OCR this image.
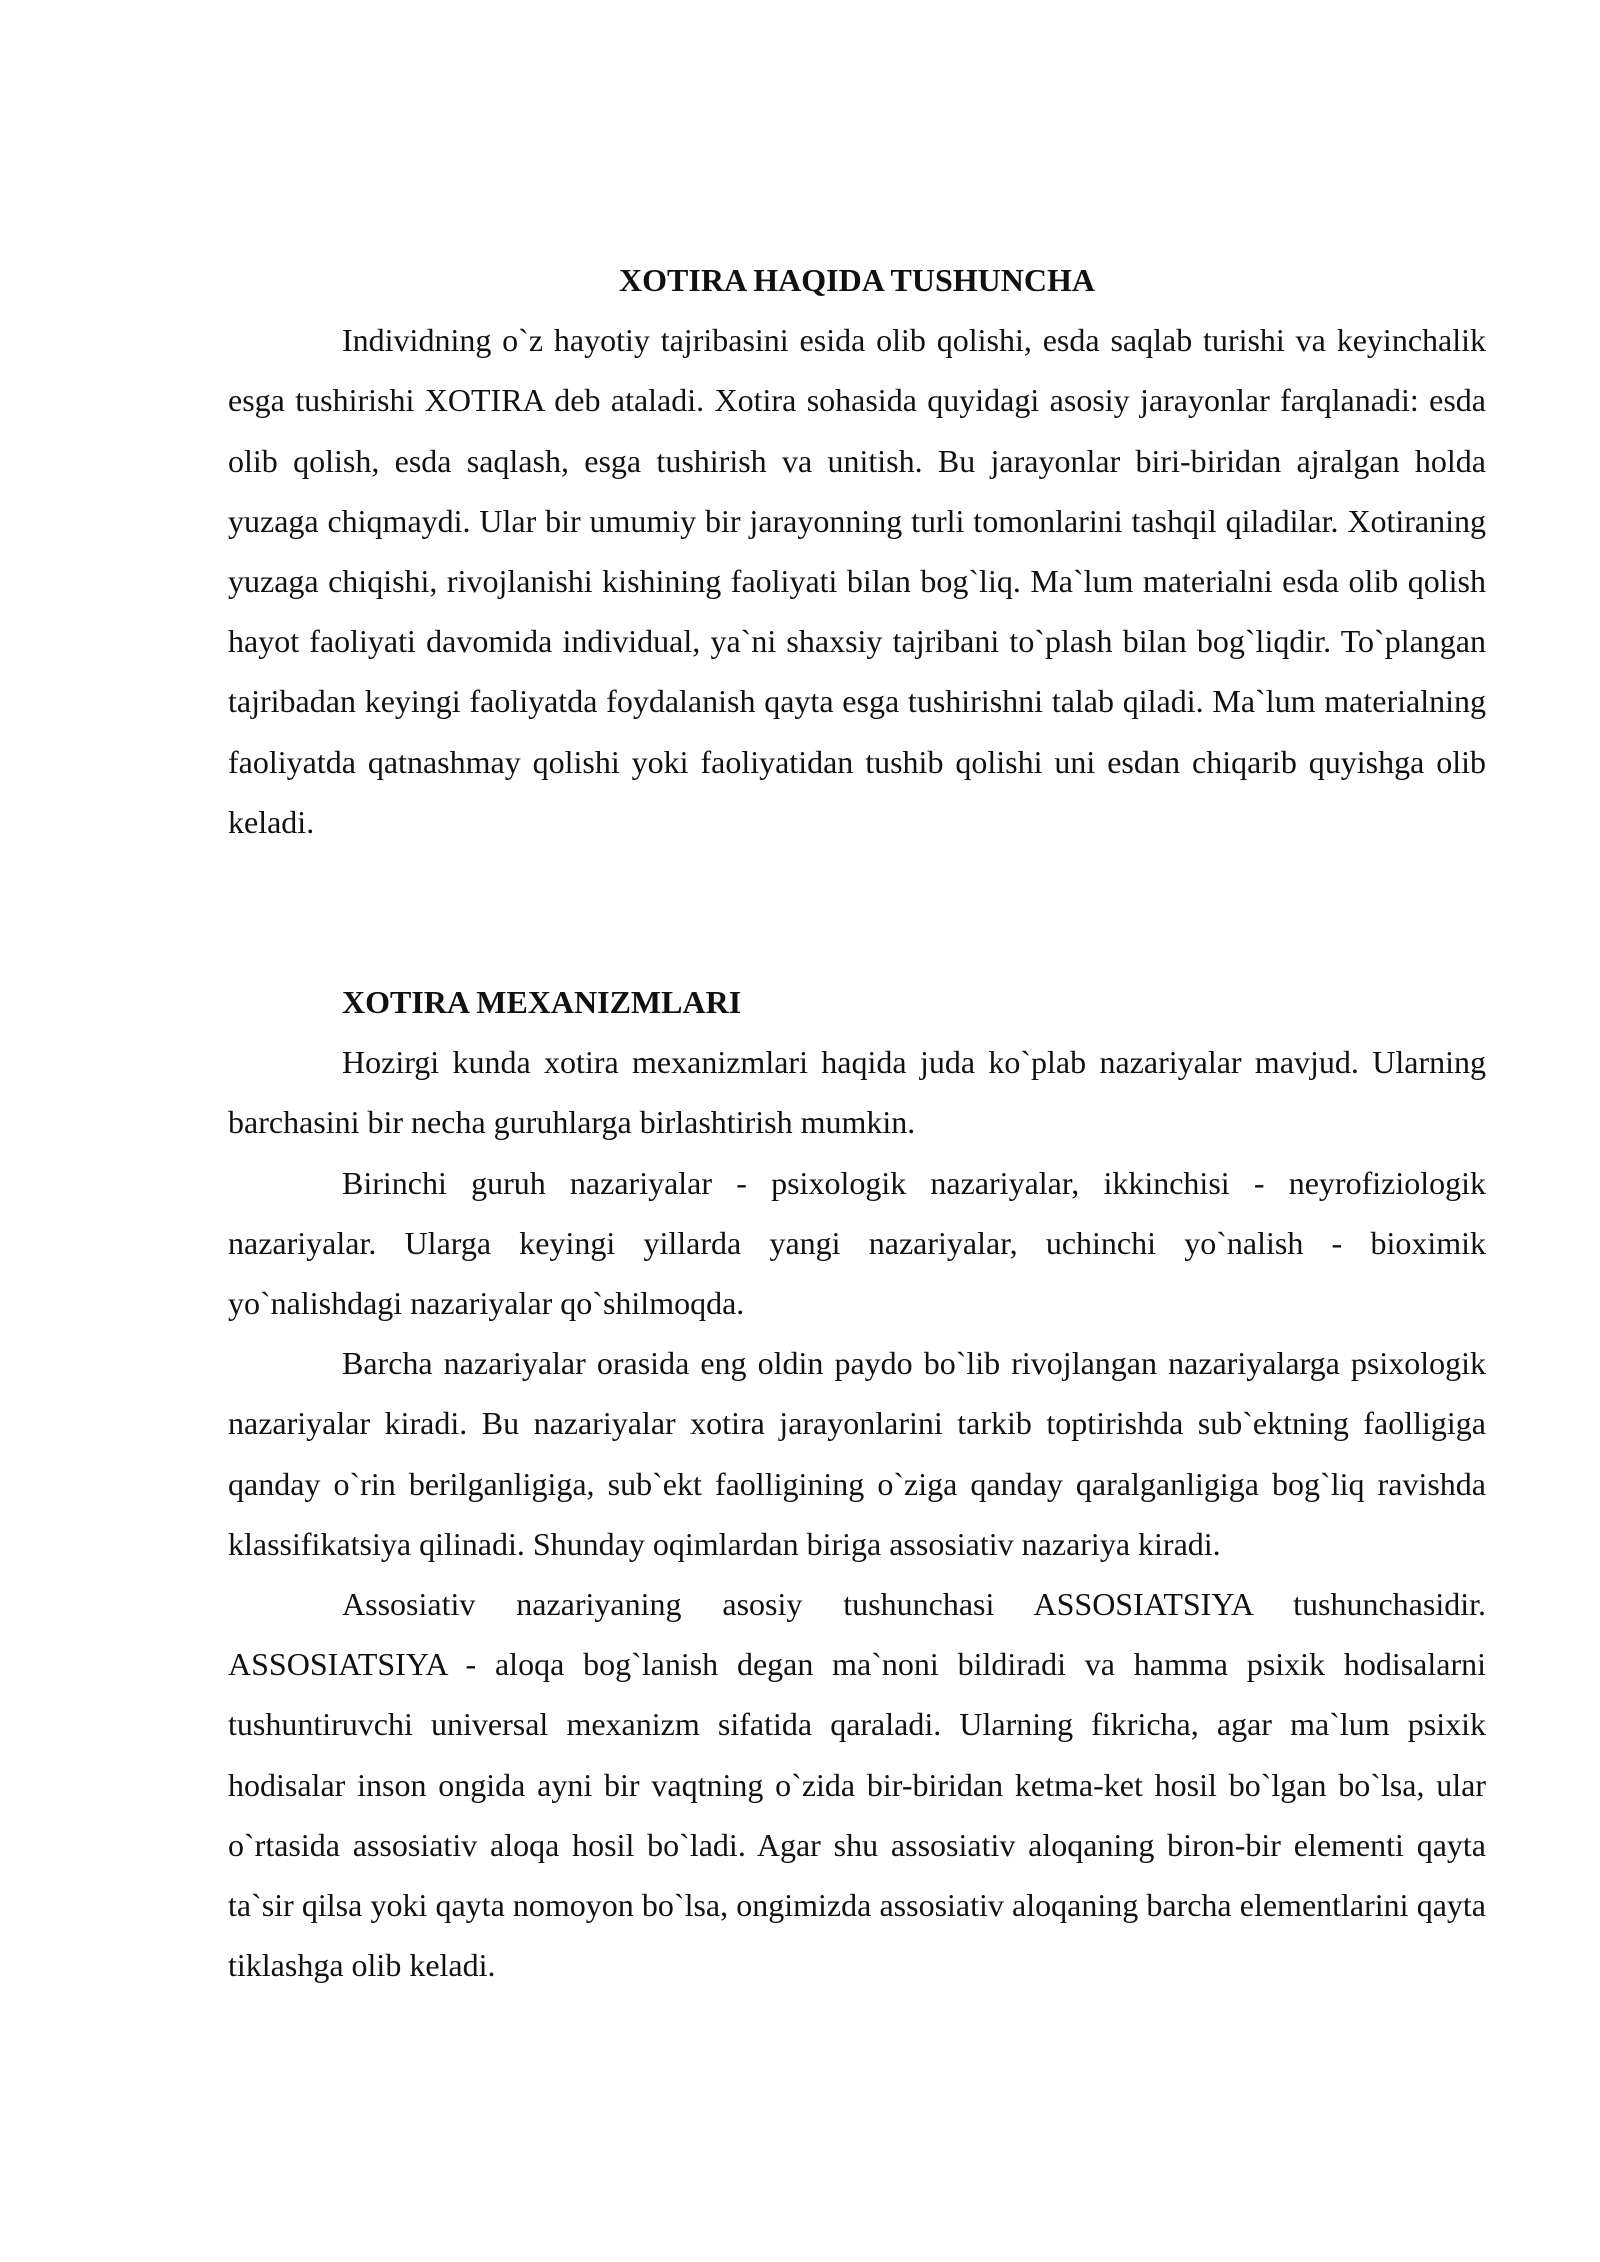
XOTIRA HAQIDA TUSHUNCHA

Individning o`z hayotiy tajribasini esida olib qolishi, esda saqlab turishi va keyinchalik esga tushirishi XOTIRA deb ataladi. Xotira sohasida quyidagi asosiy jarayonlar farqlanadi: esda olib qolish, esda saqlash, esga tushirish va unitish. Bu jarayonlar biri-biridan ajralgan holda yuzaga chiqmaydi. Ular bir umumiy bir jarayonning turli tomonlarini tashqil qiladilar. Xotiraning yuzaga chiqishi, rivojlanishi kishining faoliyati bilan bog`liq. Ma`lum materialni esda olib qolish hayot faoliyati davomida individual, ya`ni shaxsiy tajribani to`plash bilan bog`liqdir. To`plangan tajribadan keyingi faoliyatda foydalanish qayta esga tushirishni talab qiladi. Ma`lum materialning faoliyatda qatnashmay qolishi yoki faoliyatidan tushib qolishi uni esdan chiqarib quyishga olib keladi.

XOTIRA MEXANIZMLARI

Hozirgi kunda xotira mexanizmlari haqida juda ko`plab nazariyalar mavjud. Ularning barchasini bir necha guruhlarga birlashtirish mumkin.

Birinchi guruh nazariyalar - psixologik nazariyalar, ikkinchisi - neyrofiziologik nazariyalar. Ularga keyingi yillarda yangi nazariyalar, uchinchi yo`nalish - bioximik yo`nalishdagi nazariyalar qo`shilmoqda.

Barcha nazariyalar orasida eng oldin paydo bo`lib rivojlangan nazariyalarga psixologik nazariyalar kiradi. Bu nazariyalar xotira jarayonlarini tarkib toptirishda sub`ektning faolligiga qanday o`rin berilganligiga, sub`ekt faolligining o`ziga qanday qaralganligiga bog`liq ravishda klassifikatsiya qilinadi. Shunday oqimlardan biriga assosiativ nazariya kiradi.

Assosiativ nazariyaning asosiy tushunchasi ASSOSIATSIYA tushunchasidir. ASSOSIATSIYA - aloqa bog`lanish degan ma`noni bildiradi va hamma psixik hodisalarni tushuntiruvchi universal mexanizm sifatida qaraladi. Ularning fikricha, agar ma`lum psixik hodisalar inson ongida ayni bir vaqtning o`zida bir-biridan ketma-ket hosil bo`lgan bo`lsa, ular o`rtasida assosiativ aloqa hosil bo`ladi. Agar shu assosiativ aloqaning biron-bir elementi qayta ta`sir qilsa yoki qayta nomoyon bo`lsa, ongimizda assosiativ aloqaning barcha elementlarini qayta tiklashga olib keladi.
